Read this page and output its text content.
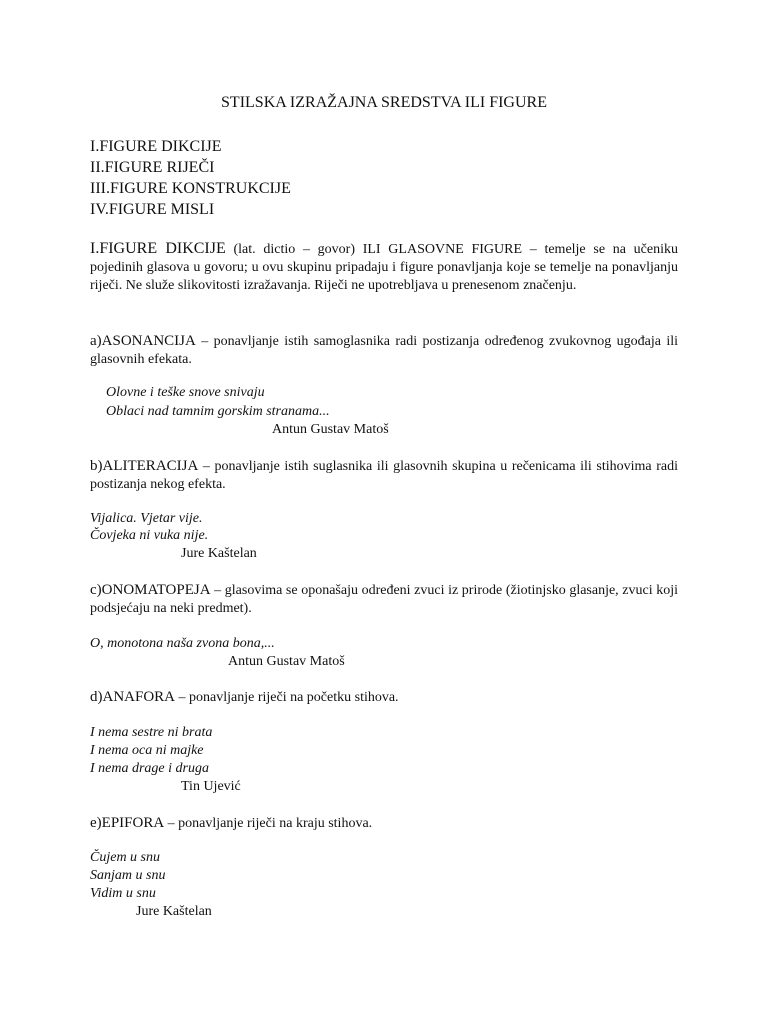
STILSKA IZRAŽAJNA SREDSTVA ILI FIGURE
I.FIGURE DIKCIJE
II.FIGURE RIJEČI
III.FIGURE KONSTRUKCIJE
IV.FIGURE MISLI
I.FIGURE DIKCIJE (lat. dictio – govor) ILI GLASOVNE FIGURE – temelje se na učeniku pojedinih glasova u govoru; u ovu skupinu pripadaju i figure ponavljanja koje se temelje na ponavljanju riječi. Ne služe slikovitosti izražavanja. Riječi ne upotrebljava u prenesenom značenju.
a)ASONANCIJA – ponavljanje istih samoglasnika radi postizanja određenog zvukovnog ugođaja ili glasovnih efekata.
Olovne i teške snove snivaju
Oblaci nad tamnim gorskim stranama...
Antun Gustav Matoš
b)ALITERACIJA – ponavljanje istih suglasnika ili glasovnih skupina u rečenicama ili stihovima radi postizanja nekog efekta.
Vijalica. Vjetar vije.
Čovjeka ni vuka nije.
Jure Kaštelan
c)ONOMATOPEJA – glasovima se oponašaju određeni zvuci iz prirode (žiotinjsko glasanje, zvuci koji podsjećaju na neki predmet).
O, monotona naša zvona bona,...
Antun Gustav Matoš
d)ANAFORA – ponavljanje riječi na početku stihova.
I nema sestre ni brata
I nema oca ni majke
I nema drage i druga
Tin Ujević
e)EPIFORA – ponavljanje riječi na kraju stihova.
Čujem u snu
Sanjam u snu
Vidim u snu
Jure Kaštelan
